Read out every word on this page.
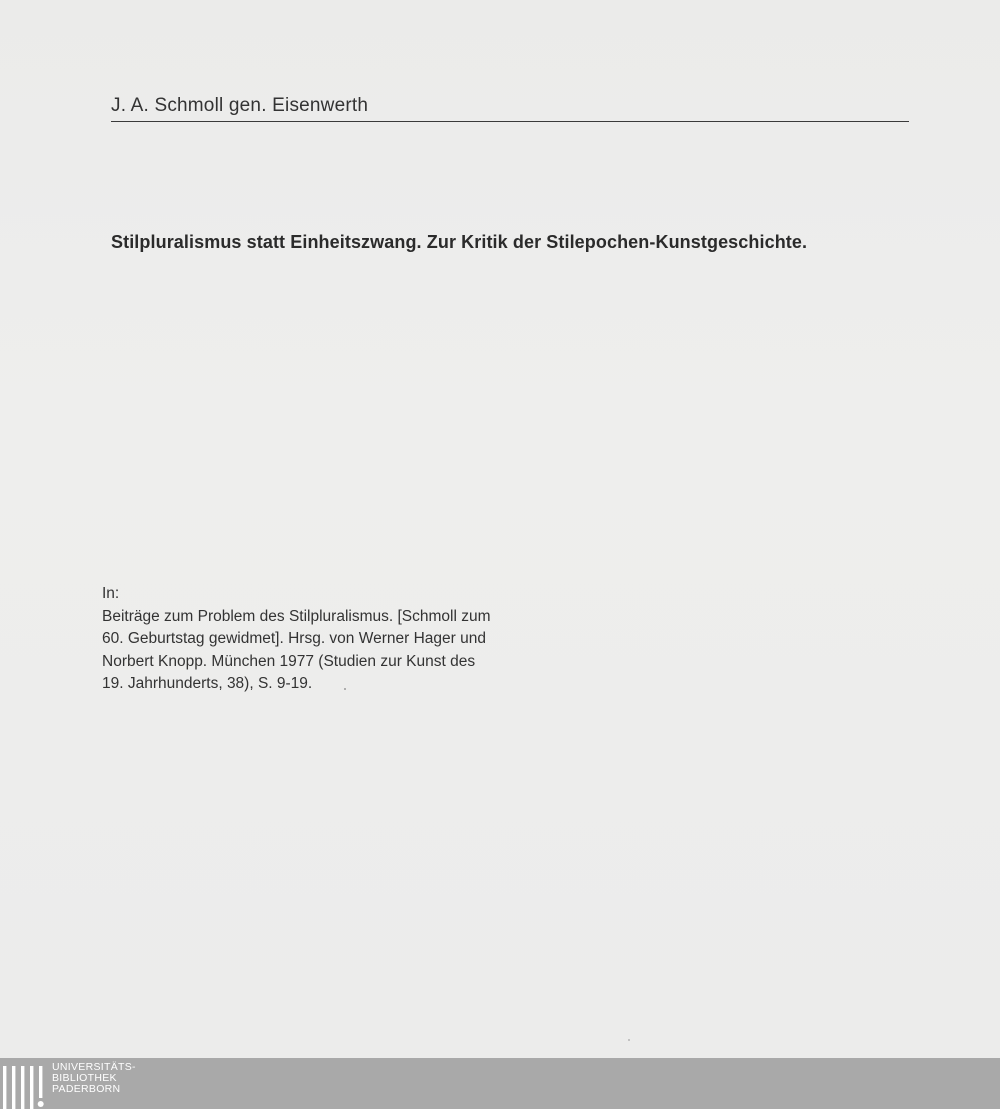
J. A. Schmoll gen. Eisenwerth
Stilpluralismus statt Einheitszwang. Zur Kritik der Stilepochen-Kunstgeschichte.
In:
Beiträge zum Problem des Stilpluralismus. [Schmoll zum
60. Geburtstag gewidmet]. Hrsg. von Werner Hager und
Norbert Knopp. München 1977 (Studien zur Kunst des
19. Jahrhunderts, 38), S. 9-19.
UNIVERSITÄTS-
BIBLIOTHEK
PADERBORN
